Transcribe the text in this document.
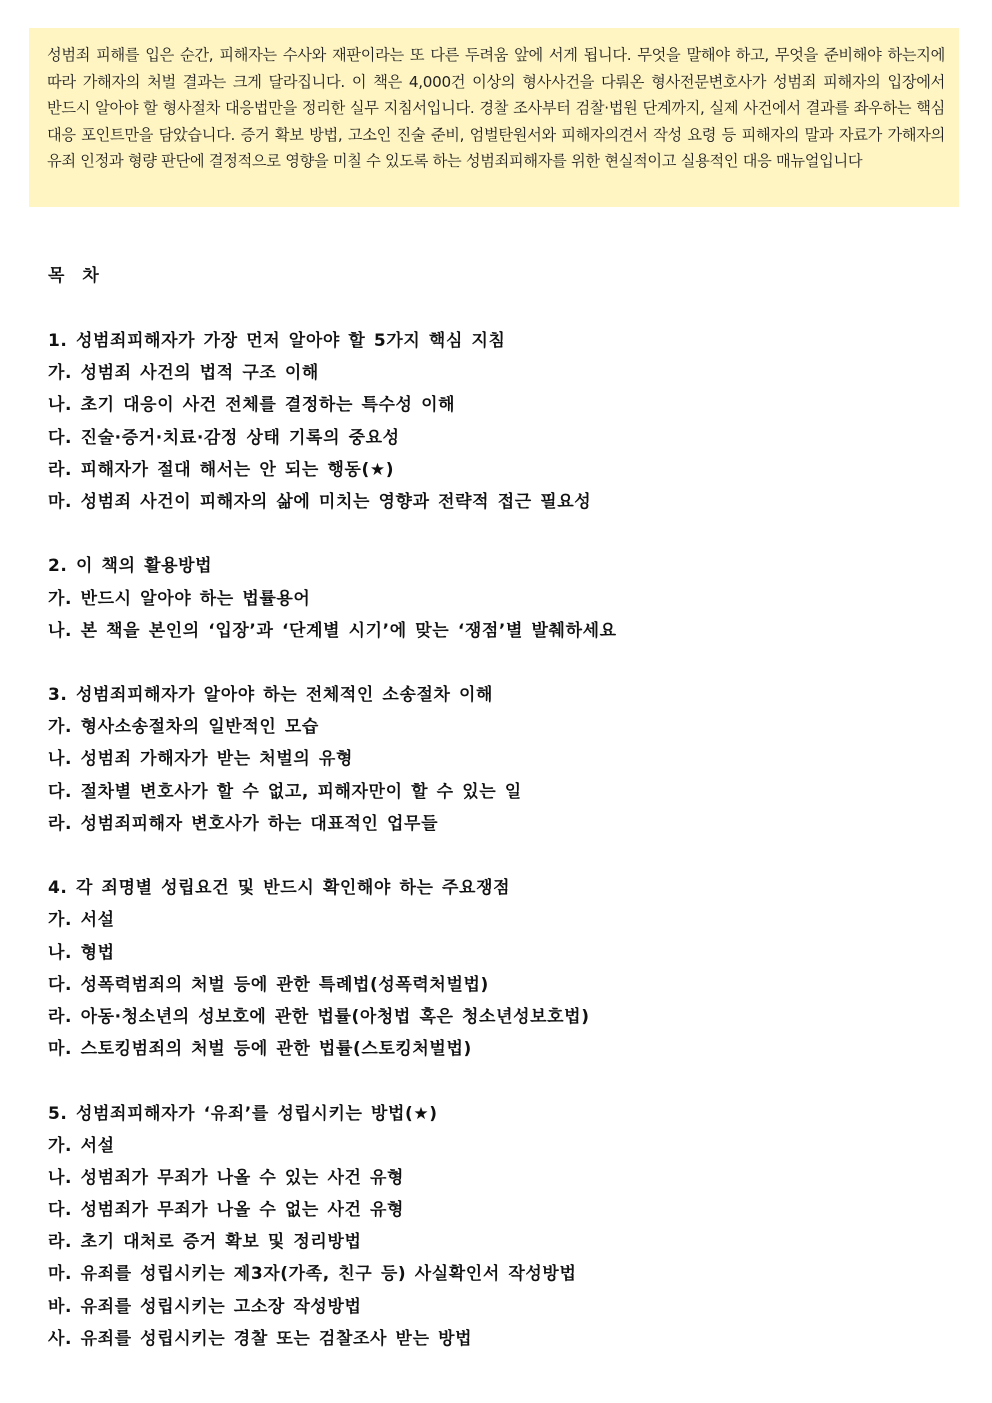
성범죄 피해를 입은 순간, 피해자는 수사와 재판이라는 또 다른 두려움 앞에 서게 됩니다. 무엇을 말해야 하고, 무엇을 준비해야 하는지에 따라 가해자의 처벌 결과는 크게 달라집니다. 이 책은 4,000건 이상의 형사사건을 다뤄온 형사전문변호사가 성범죄 피해자의 입장에서 반드시 알아야 할 형사절차 대응법만을 정리한 실무 지침서입니다. 경찰 조사부터 검찰·법원 단계까지, 실제 사건에서 결과를 좌우하는 핵심 대응 포인트만을 담았습니다. 증거 확보 방법, 고소인 진술 준비, 엄벌탄원서와 피해자의견서 작성 요령 등 피해자의 말과 자료가 가해자의 유죄 인정과 형량 판단에 결정적으로 영향을 미칠 수 있도록 하는 성범죄피해자를 위한 현실적이고 실용적인 대응 매뉴얼입니다
목 차
1. 성범죄피해자가 가장 먼저 알아야 할 5가지 핵심 지침
가. 성범죄 사건의 법적 구조 이해
나. 초기 대응이 사건 전체를 결정하는 특수성 이해
다. 진술·증거·치료·감정 상태 기록의 중요성
라. 피해자가 절대 해서는 안 되는 행동(★)
마. 성범죄 사건이 피해자의 삶에 미치는 영향과 전략적 접근 필요성
2. 이 책의 활용방법
가. 반드시 알아야 하는 법률용어
나. 본 책을 본인의 ‘입장’과 ‘단계별 시기’에 맞는 ‘쟁점’별 발췌하세요
3. 성범죄피해자가 알아야 하는 전체적인 소송절차 이해
가. 형사소송절차의 일반적인 모습
나. 성범죄 가해자가 받는 처벌의 유형
다. 절차별 변호사가 할 수 없고, 피해자만이 할 수 있는 일
라. 성범죄피해자 변호사가 하는 대표적인 업무들
4. 각 죄명별 성립요건 및 반드시 확인해야 하는 주요쟁점
가. 서설
나. 형법
다. 성폭력범죄의 처벌 등에 관한 특례법(성폭력처벌법)
라. 아동·청소년의 성보호에 관한 법률(아청법 혹은 청소년성보호법)
마. 스토킹범죄의 처벌 등에 관한 법률(스토킹처벌법)
5. 성범죄피해자가 ‘유죄’를 성립시키는 방법(★)
가. 서설
나. 성범죄가 무죄가 나올 수 있는 사건 유형
다. 성범죄가 무죄가 나올 수 없는 사건 유형
라. 초기 대처로 증거 확보 및 정리방법
마. 유죄를 성립시키는 제3자(가족, 친구 등) 사실확인서 작성방법
바. 유죄를 성립시키는 고소장 작성방법
사. 유죄를 성립시키는 경찰 또는 검찰조사 받는 방법
